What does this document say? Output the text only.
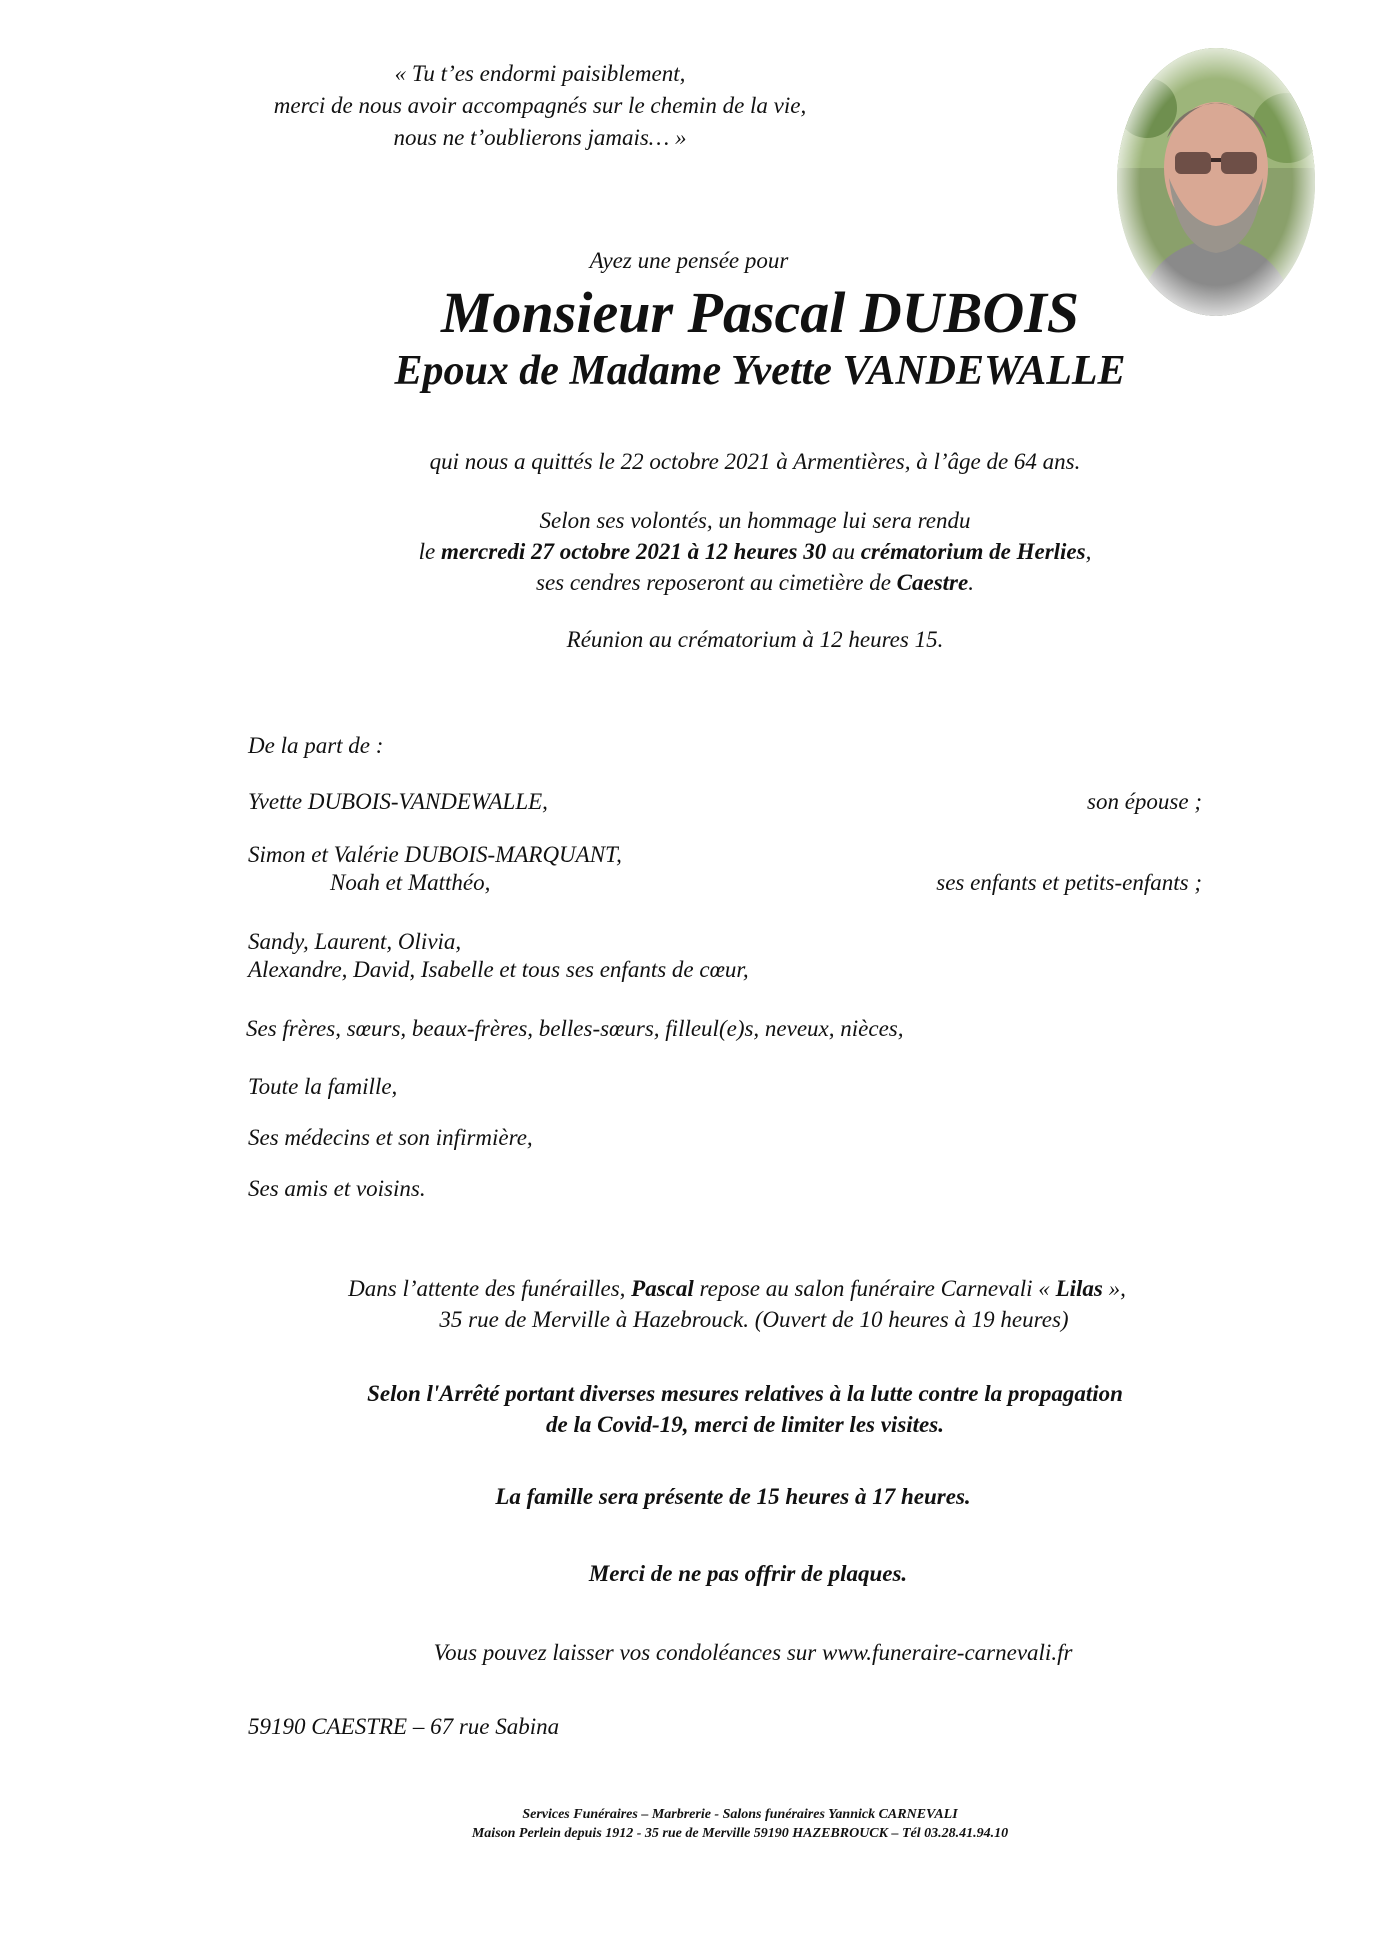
« Tu t’es endormi paisiblement,
merci de nous avoir accompagnés sur le chemin de la vie,
nous ne t’oublierons jamais… »
Ayez une pensée pour
Monsieur Pascal DUBOIS
Epoux de Madame Yvette VANDEWALLE
qui nous a quittés le 22 octobre 2021 à Armentières, à l’âge de 64 ans.
Selon ses volontés, un hommage lui sera rendu
le mercredi 27 octobre 2021 à 12 heures 30 au crématorium de Herlies,
ses cendres reposeront au cimetière de Caestre.
Réunion au crématorium à 12 heures 15.
De la part de :
Yvette DUBOIS-VANDEWALLE,	son épouse ;
Simon et Valérie DUBOIS-MARQUANT,
Noah et Matthéo,	ses enfants et petits-enfants ;
Sandy, Laurent, Olivia,
Alexandre, David, Isabelle et tous ses enfants de cœur,
Ses frères, sœurs, beaux-frères, belles-sœurs, filleul(e)s, neveux, nièces,
Toute la famille,
Ses médecins et son infirmière,
Ses amis et voisins.
Dans l’attente des funérailles, Pascal repose au salon funéraire Carnevali « Lilas »,
35 rue de Merville à Hazebrouck. (Ouvert de 10 heures à 19 heures)
Selon l'Arrêté portant diverses mesures relatives à la lutte contre la propagation
de la Covid-19, merci de limiter les visites.
La famille sera présente de 15 heures à 17 heures.
Merci de ne pas offrir de plaques.
Vous pouvez laisser vos condoléances sur www.funeraire-carnevali.fr
59190 CAESTRE – 67 rue Sabina
Services Funéraires – Marbrerie - Salons funéraires Yannick CARNEVALI
Maison Perlein depuis 1912 - 35 rue de Merville 59190 HAZEBROUCK – Tél 03.28.41.94.10
